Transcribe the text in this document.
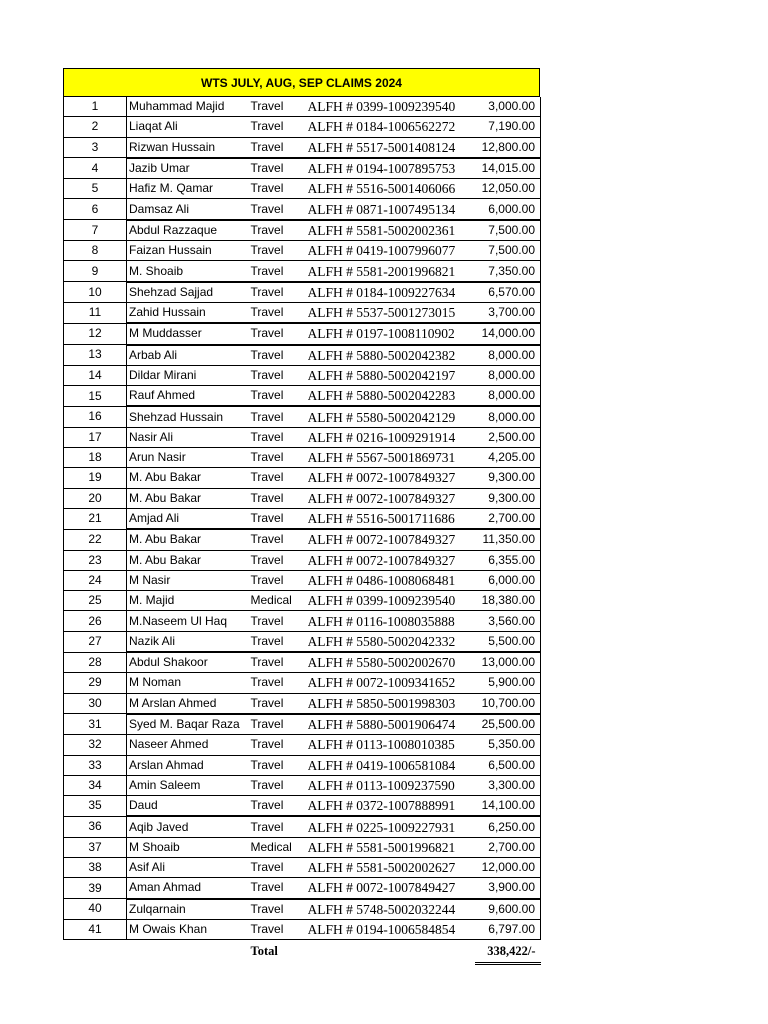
WTS JULY, AUG, SEP CLAIMS 2024
1	Muhammad Majid	Travel	ALFH # 0399-1009239540	3,000.00
2	Liaqat Ali	Travel	ALFH # 0184-1006562272	7,190.00
3	Rizwan Hussain	Travel	ALFH # 5517-5001408124	12,800.00
4	Jazib Umar	Travel	ALFH # 0194-1007895753	14,015.00
5	Hafiz M. Qamar	Travel	ALFH # 5516-5001406066	12,050.00
6	Damsaz Ali	Travel	ALFH # 0871-1007495134	6,000.00
7	Abdul Razzaque	Travel	ALFH # 5581-5002002361	7,500.00
8	Faizan Hussain	Travel	ALFH # 0419-1007996077	7,500.00
9	M. Shoaib	Travel	ALFH # 5581-2001996821	7,350.00
10	Shehzad Sajjad	Travel	ALFH # 0184-1009227634	6,570.00
11	Zahid Hussain	Travel	ALFH # 5537-5001273015	3,700.00
12	M Muddasser	Travel	ALFH # 0197-1008110902	14,000.00
13	Arbab Ali	Travel	ALFH # 5880-5002042382	8,000.00
14	Dildar Mirani	Travel	ALFH # 5880-5002042197	8,000.00
15	Rauf Ahmed	Travel	ALFH # 5880-5002042283	8,000.00
16	Shehzad Hussain	Travel	ALFH # 5580-5002042129	8,000.00
17	Nasir Ali	Travel	ALFH # 0216-1009291914	2,500.00
18	Arun Nasir	Travel	ALFH # 5567-5001869731	4,205.00
19	M. Abu Bakar	Travel	ALFH # 0072-1007849327	9,300.00
20	M. Abu Bakar	Travel	ALFH # 0072-1007849327	9,300.00
21	Amjad Ali	Travel	ALFH # 5516-5001711686	2,700.00
22	M. Abu Bakar	Travel	ALFH # 0072-1007849327	11,350.00
23	M. Abu Bakar	Travel	ALFH # 0072-1007849327	6,355.00
24	M Nasir	Travel	ALFH # 0486-1008068481	6,000.00
25	M. Majid	Medical	ALFH # 0399-1009239540	18,380.00
26	M.Naseem Ul Haq	Travel	ALFH # 0116-1008035888	3,560.00
27	Nazik Ali	Travel	ALFH # 5580-5002042332	5,500.00
28	Abdul Shakoor	Travel	ALFH # 5580-5002002670	13,000.00
29	M Noman	Travel	ALFH # 0072-1009341652	5,900.00
30	M Arslan Ahmed	Travel	ALFH # 5850-5001998303	10,700.00
31	Syed M. Baqar Raza	Travel	ALFH # 5880-5001906474	25,500.00
32	Naseer Ahmed	Travel	ALFH # 0113-1008010385	5,350.00
33	Arslan Ahmad	Travel	ALFH # 0419-1006581084	6,500.00
34	Amin Saleem	Travel	ALFH # 0113-1009237590	3,300.00
35	Daud	Travel	ALFH # 0372-1007888991	14,100.00
36	Aqib Javed	Travel	ALFH # 0225-1009227931	6,250.00
37	M Shoaib	Medical	ALFH # 5581-5001996821	2,700.00
38	Asif Ali	Travel	ALFH # 5581-5002002627	12,000.00
39	Aman Ahmad	Travel	ALFH # 0072-1007849427	3,900.00
40	Zulqarnain	Travel	ALFH # 5748-5002032244	9,600.00
41	M Owais Khan	Travel	ALFH # 0194-1006584854	6,797.00
		Total		338,422/-
